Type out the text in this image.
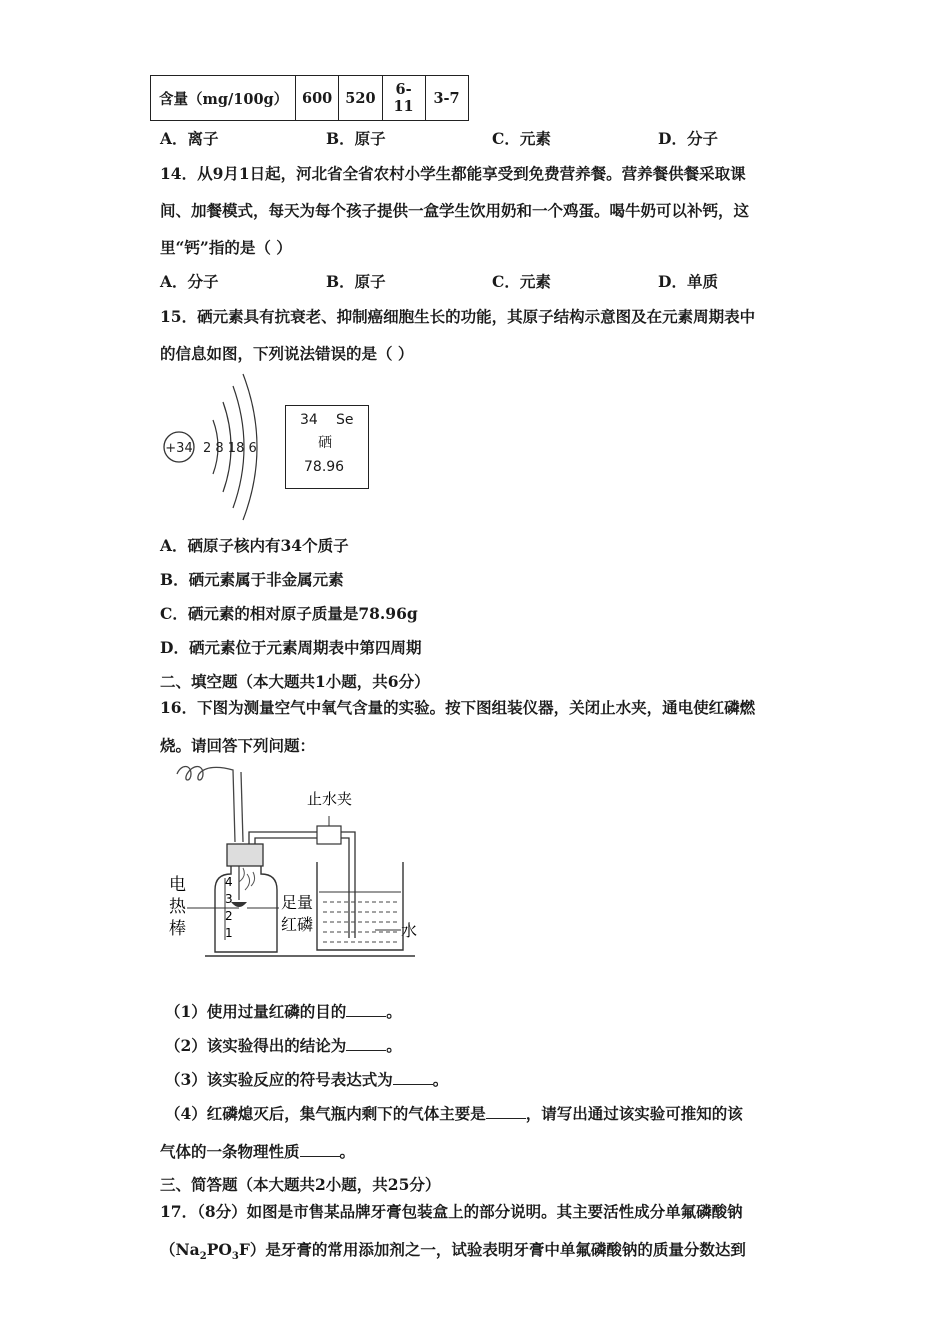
含量（mg/100g）	600	520	6-11	3-7
A．离子	B．原子	C．元素	D．分子
14．从9月1日起，河北省全省农村小学生都能享受到免费营养餐。营养餐供餐采取课
间、加餐模式，每天为每个孩子提供一盒学生饮用奶和一个鸡蛋。喝牛奶可以补钙，这
里“钙”指的是（ ）
A．分子	B．原子	C．元素	D．单质
15．硒元素具有抗衰老、抑制癌细胞生长的功能，其原子结构示意图及在元素周期表中
的信息如图，下列说法错误的是（ ）
+34 2 8 18 6
34 Se
硒
78.96
A．硒原子核内有34个质子
B．硒元素属于非金属元素
C．硒元素的相对原子质量是78.96g
D．硒元素位于元素周期表中第四周期
二、填空题（本大题共1小题，共6分）
16．下图为测量空气中氧气含量的实验。按下图组装仪器，关闭止水夹，通电使红磷燃
烧。请回答下列问题：
4
3
2
1
止水夹
水
电
热
棒
足量
红磷
（1）使用过量红磷的目的	。
（2）该实验得出的结论为	。
（3）该实验反应的符号表达式为	。
（4）红磷熄灭后，集气瓶内剩下的气体主要是	，请写出通过该实验可推知的该
气体的一条物理性质	。
三、简答题（本大题共2小题，共25分）
17．（8分）如图是市售某品牌牙膏包装盒上的部分说明。其主要活性成分单氟磷酸钠
$(Na_2PO_3F)$是牙膏的常用添加剂之一，试验表明牙膏中单氟磷酸钠的质量分数达到
